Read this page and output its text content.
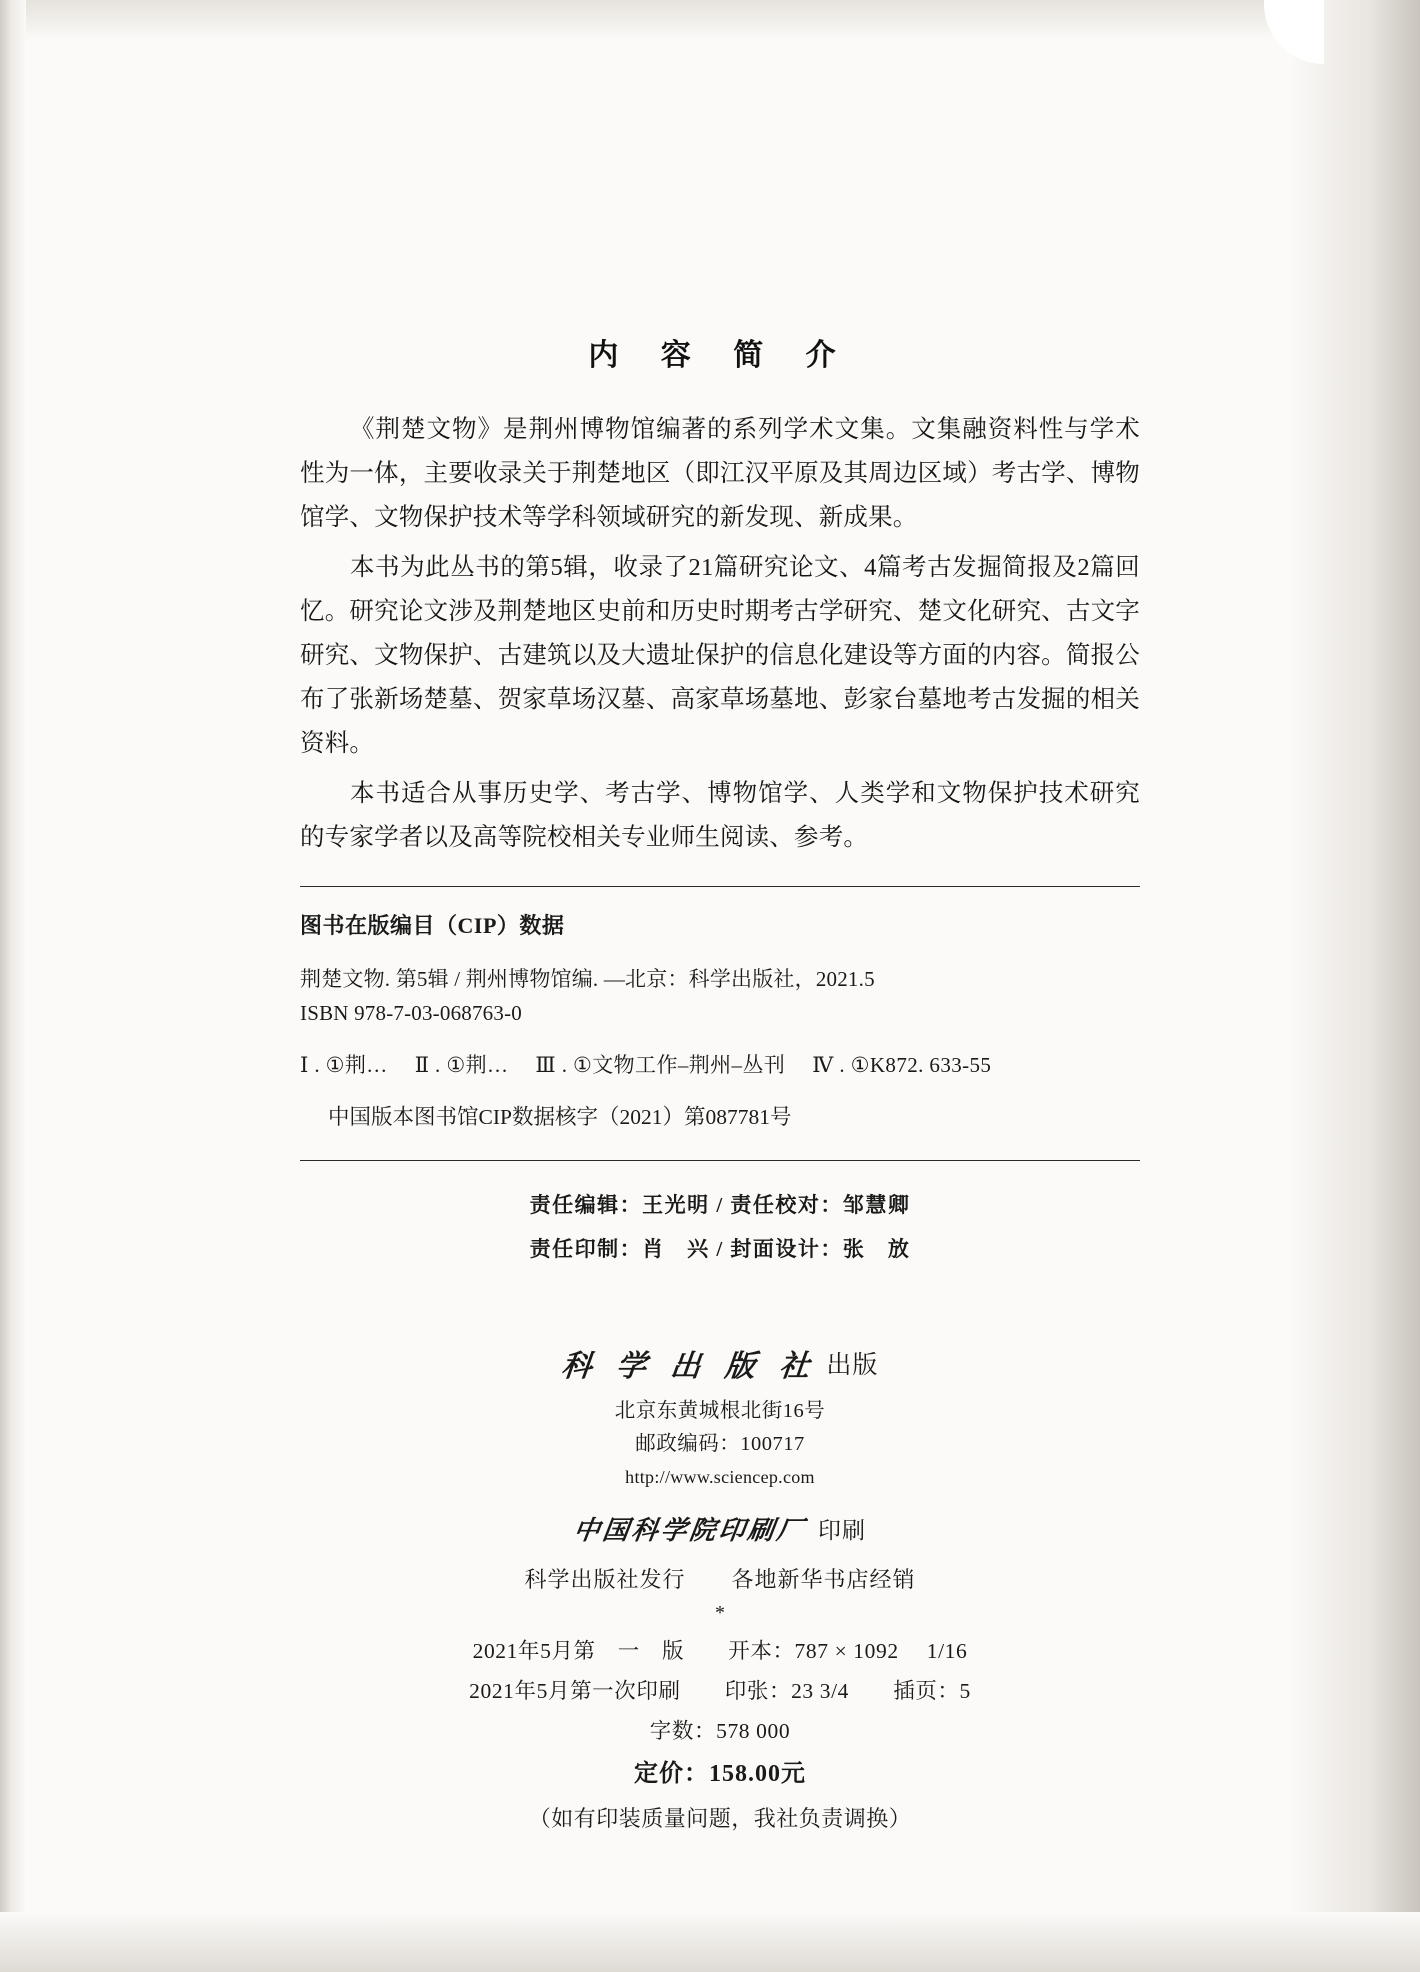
内 容 简 介

《荆楚文物》是荆州博物馆编著的系列学术文集。文集融资料性与学术性为一体，主要收录关于荆楚地区（即江汉平原及其周边区域）考古学、博物馆学、文物保护技术等学科领域研究的新发现、新成果。

本书为此丛书的第5辑，收录了21篇研究论文、4篇考古发掘简报及2篇回忆。研究论文涉及荆楚地区史前和历史时期考古学研究、楚文化研究、古文字研究、文物保护、古建筑以及大遗址保护的信息化建设等方面的内容。简报公布了张新场楚墓、贺家草场汉墓、高家草场墓地、彭家台墓地考古发掘的相关资料。

本书适合从事历史学、考古学、博物馆学、人类学和文物保护技术研究的专家学者以及高等院校相关专业师生阅读、参考。

图书在版编目（CIP）数据

荆楚文物. 第5辑 / 荆州博物馆编. —北京：科学出版社，2021.5

ISBN 978-7-03-068763-0

Ⅰ . ①荆…　 Ⅱ . ①荆…　 Ⅲ . ①文物工作–荆州–丛刊　 Ⅳ . ①K872. 633-55

中国版本图书馆CIP数据核字（2021）第087781号

责任编辑：王光明 / 责任校对：邹慧卿
责任印制：肖　兴 / 封面设计：张　放
科 学 出 版 社 出版
北京东黄城根北街16号
邮政编码：100717
http://www.sciencep.com
中国科学院印刷厂 印刷
科学出版社发行　　各地新华书店经销
*
2021年5月第　一　版　　开本：787 × 1092　 1/16
2021年5月第一次印刷　　印张：23 3/4　　插页：5
字数：578 000
定价：158.00元
（如有印装质量问题，我社负责调换）
